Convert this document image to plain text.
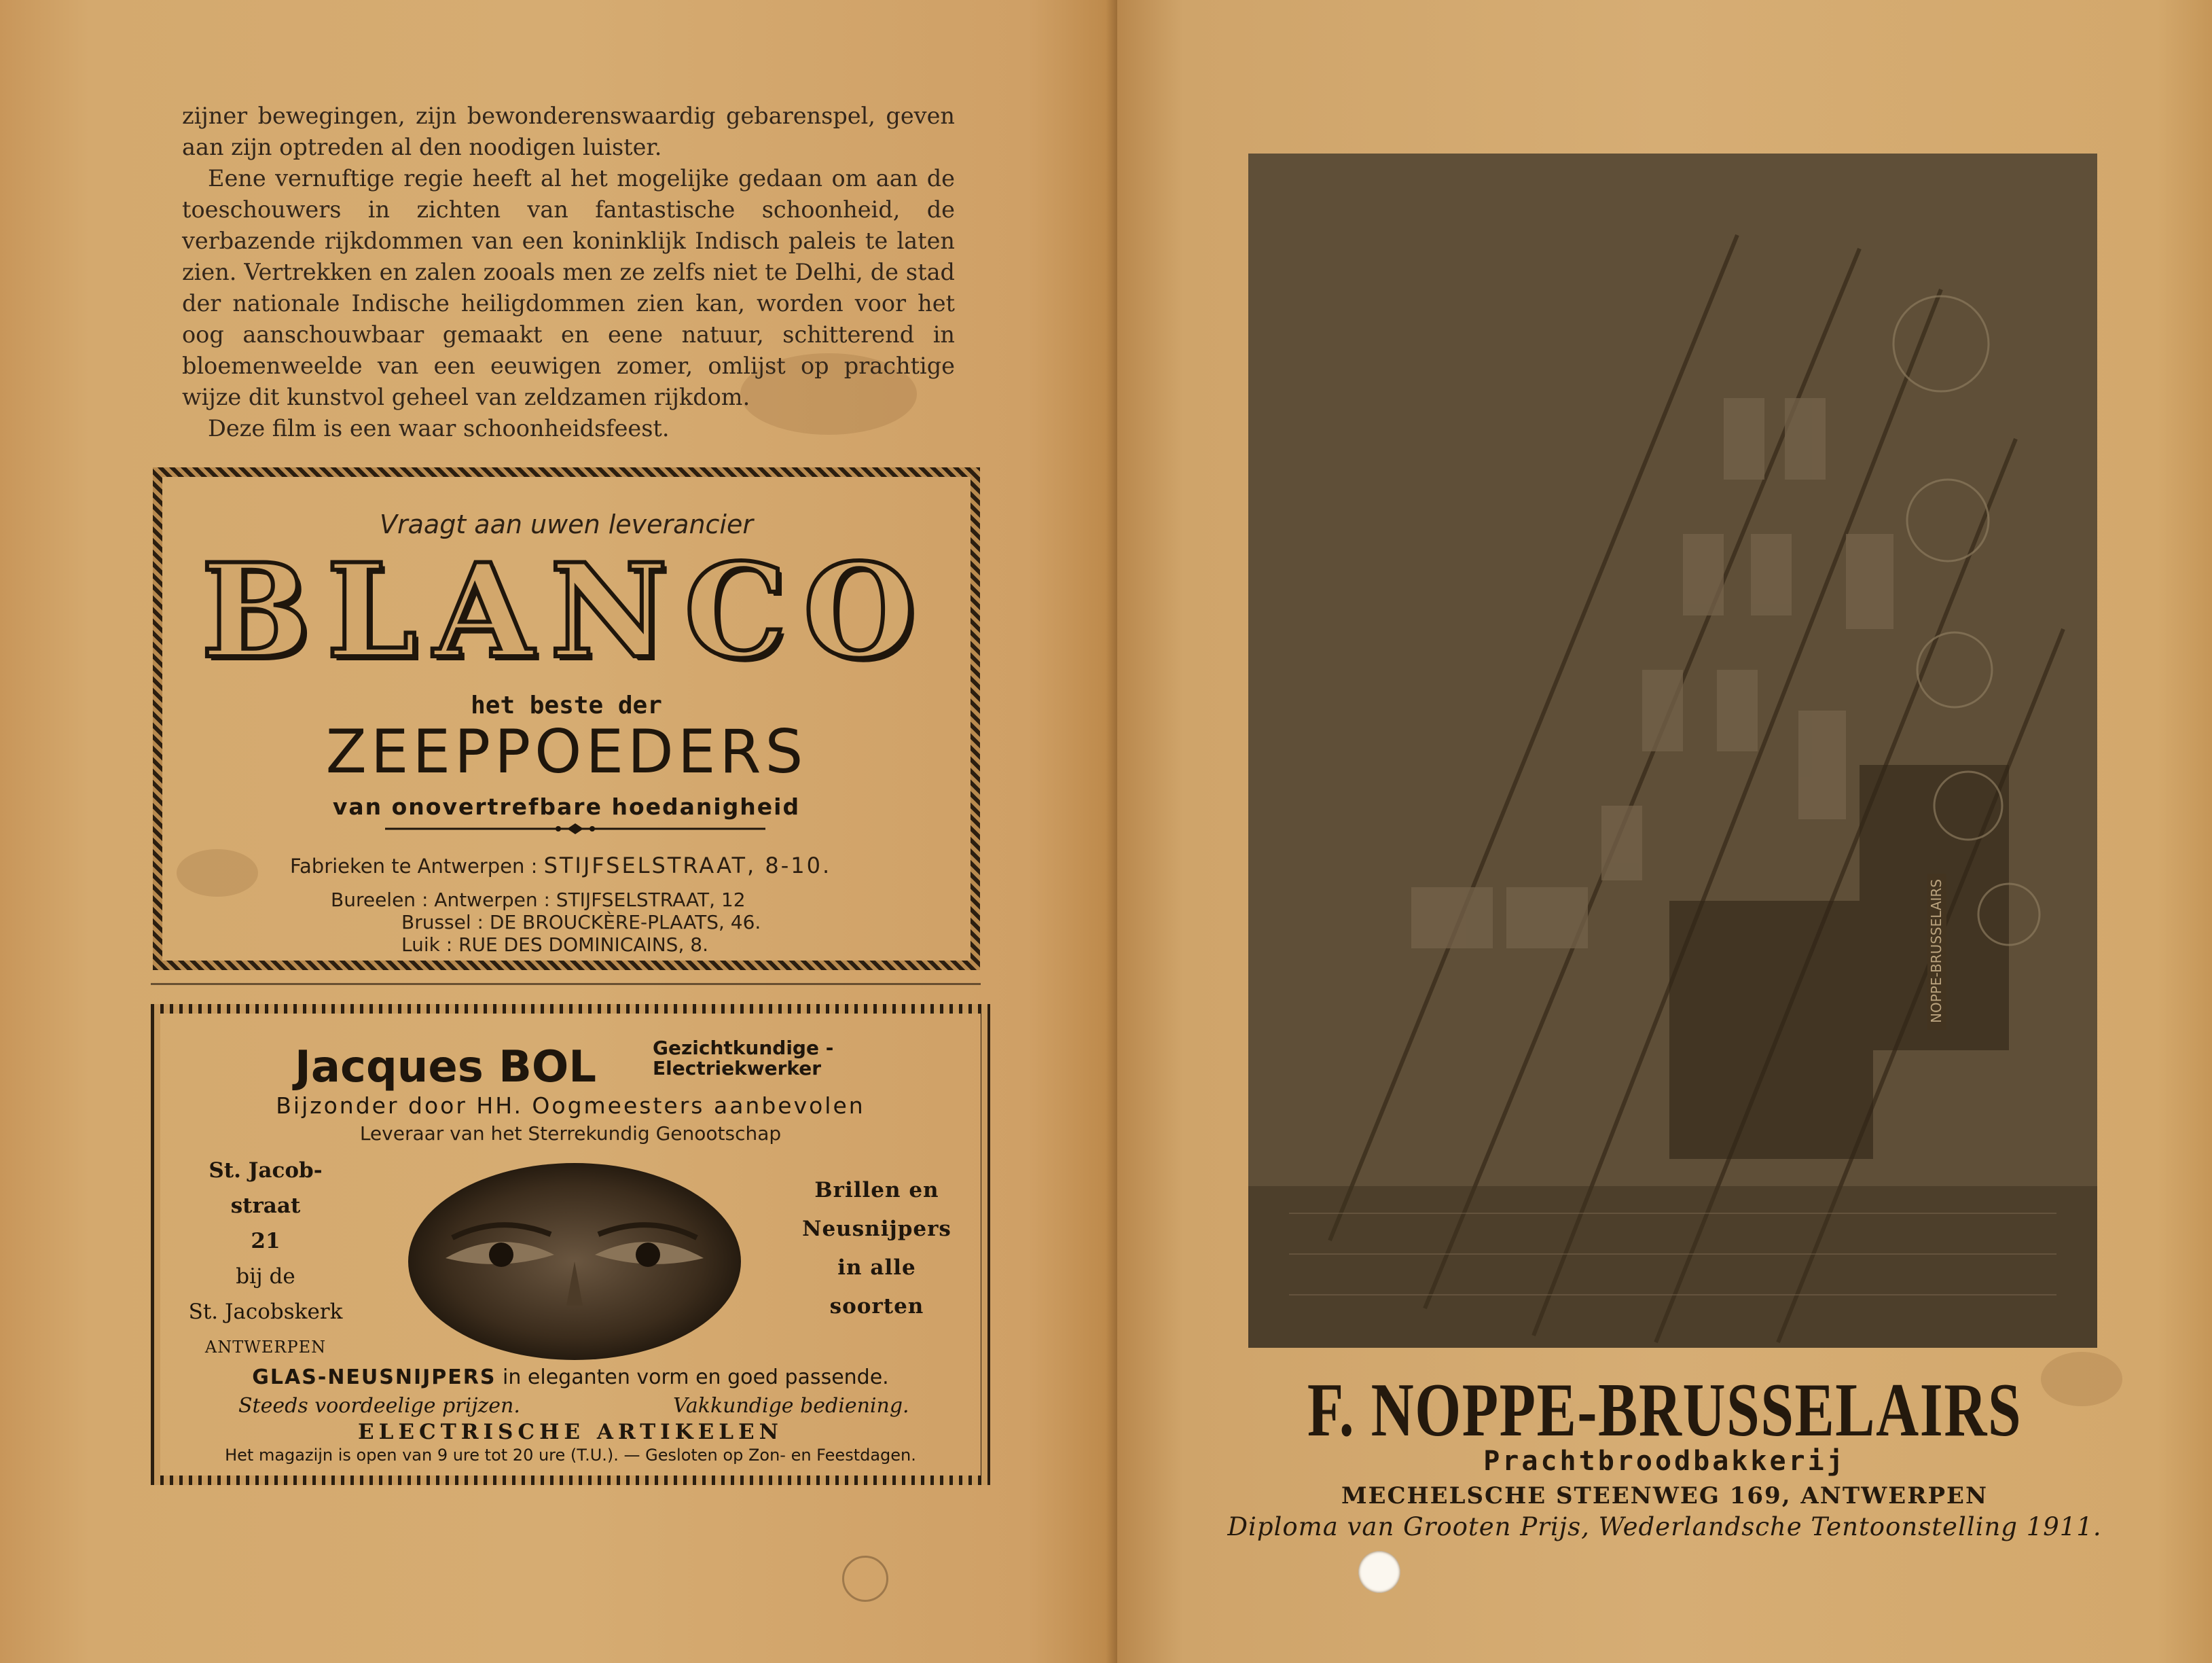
zijner bewegingen, zijn bewonderenswaardig gebarenspel, geven aan zijn optreden al den noodigen luister.

Eene vernuftige regie heeft al het mogelijke gedaan om aan de toeschouwers in zichten van fantastische schoonheid, de verbazende rijkdommen van een koninklijk Indisch paleis te laten zien. Vertrekken en zalen zooals men ze zelfs niet te Delhi, de stad der nationale Indische heiligdommen zien kan, worden voor het oog aanschouwbaar gemaakt en eene natuur, schitterend in bloemenweelde van een eeuwigen zomer, omlijst op prachtige wijze dit kunstvol geheel van zeldzamen rijkdom.

Deze film is een waar schoonheidsfeest.

Vraagt aan uwen leverancier
BLANCO
het beste der
ZEEPPOEDERS
van onovertrefbare hoedanigheid
Fabrieken te Antwerpen : STIJFSELSTRAAT, 8-10.
Bureelen : Antwerpen : STIJFSELSTRAAT, 12
Brussel : DE BROUCKÈRE-PLAATS, 46.
Luik : RUE DES DOMINICAINS, 8.
Jacques BOL	Gezichtkundige -
Electriekwerker
Bijzonder door HH. Oogmeesters aanbevolen
Leveraar van het Sterrekundig Genootschap
St. Jacob-
straat
21
bij de
St. Jacobskerk
ANTWERPEN
Brillen en
Neusnijpers
in alle
soorten
GLAS-NEUSNIJPERS in eleganten vorm en goed passende.
Steeds voordeelige prijzen.	Vakkundige bediening.
ELECTRISCHE ARTIKELEN
Het magazijn is open van 9 ure tot 20 ure (T.U.). — Gesloten op Zon- en Feestdagen.
NOPPE-BRUSSELAIRS
F. NOPPE-BRUSSELAIRS
Prachtbroodbakkerij
MECHELSCHE STEENWEG 169, ANTWERPEN
Diploma van Grooten Prijs, Wederlandsche Tentoonstelling 1911.
